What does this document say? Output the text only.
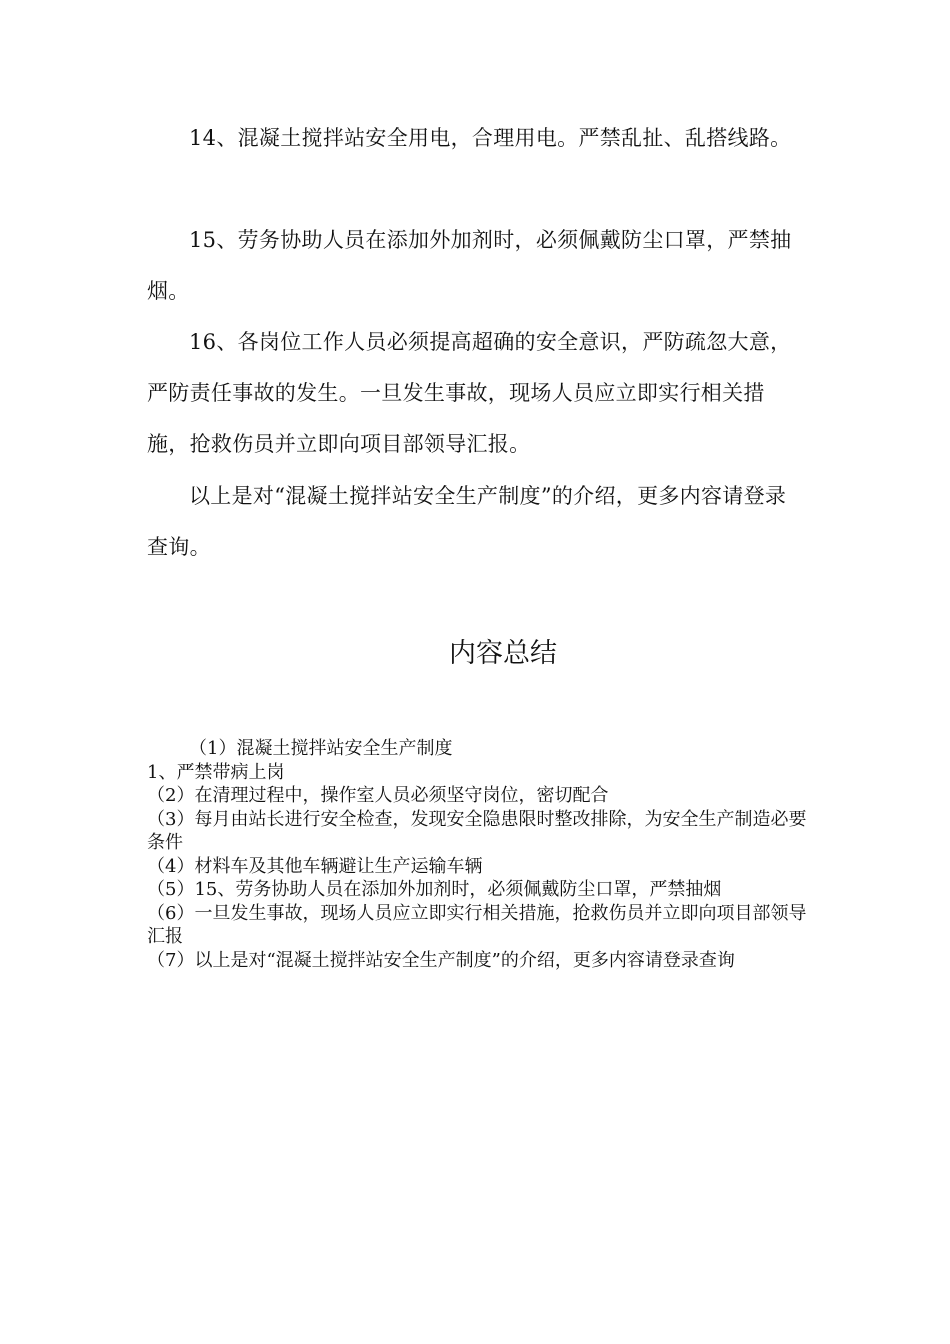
14、混凝土搅拌站安全用电，合理用电。严禁乱扯、乱搭线路。

15、劳务协助人员在添加外加剂时，必须佩戴防尘口罩，严禁抽烟。

16、各岗位工作人员必须提高超确的安全意识，严防疏忽大意，严防责任事故的发生。一旦发生事故，现场人员应立即实行相关措施，抢救伤员并立即向项目部领导汇报。

以上是对“混凝土搅拌站安全生产制度”的介绍，更多内容请登录查询。

内容总结
（1）混凝土搅拌站安全生产制度
1、严禁带病上岗
（2）在清理过程中，操作室人员必须坚守岗位，密切配合
（3）每月由站长进行安全检查，发现安全隐患限时整改排除，为安全生产制造必要条件
（4）材料车及其他车辆避让生产运输车辆
（5）15、劳务协助人员在添加外加剂时，必须佩戴防尘口罩，严禁抽烟
（6）一旦发生事故，现场人员应立即实行相关措施，抢救伤员并立即向项目部领导汇报
（7）以上是对“混凝土搅拌站安全生产制度”的介绍，更多内容请登录查询
